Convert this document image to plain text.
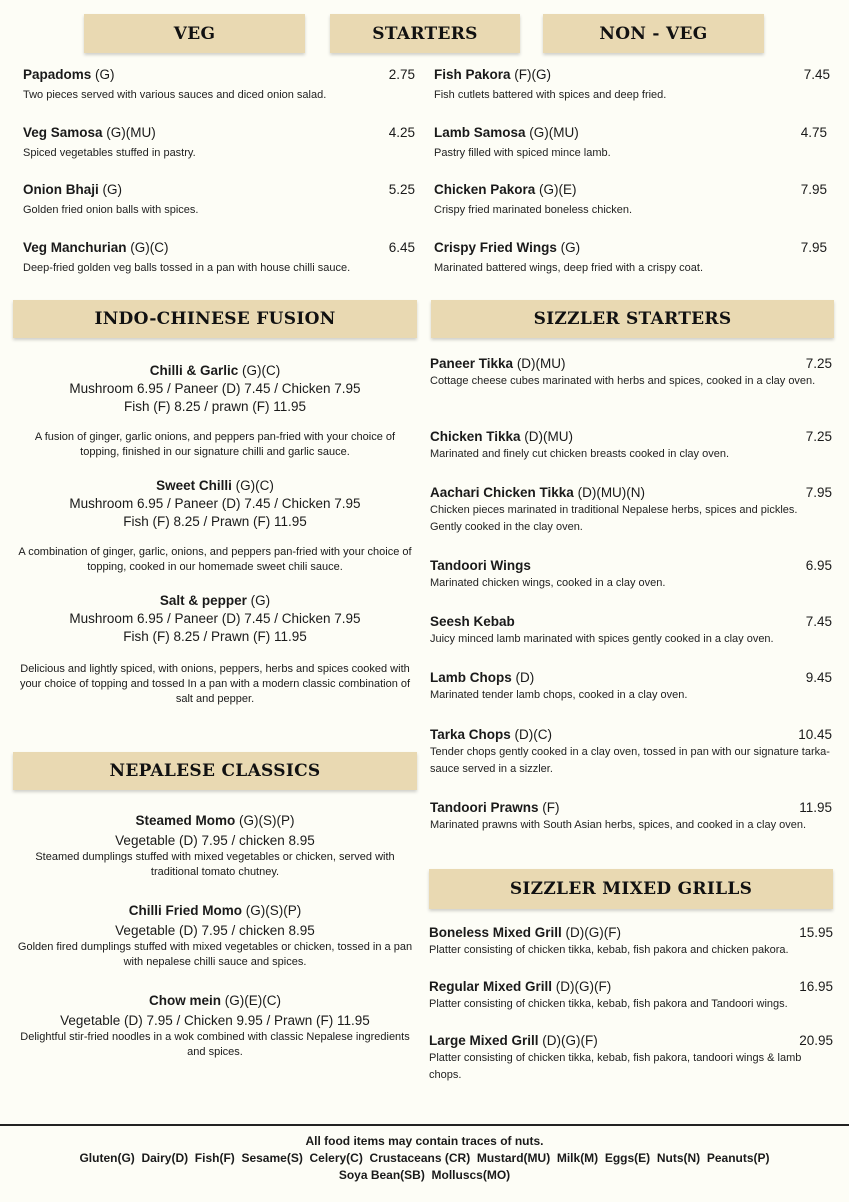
VEG	STARTERS	NON - VEG
INDO-CHINESE FUSION	SIZZLER STARTERS
NEPALESE CLASSICS
SIZZLER MIXED GRILLS
Papadoms (G)	2.75
Two pieces served with various sauces and diced onion salad.
Veg Samosa (G)(MU)	4.25
Spiced vegetables stuffed in pastry.
Onion Bhaji (G)	5.25
Golden fried onion balls with spices.
Veg Manchurian (G)(C)	6.45
Deep-fried golden veg balls tossed in a pan with house chilli sauce.
Fish Pakora (F)(G)	7.45
Fish cutlets battered with spices and deep fried.
Lamb Samosa (G)(MU)	4.75
Pastry filled with spiced mince lamb.
Chicken Pakora (G)(E)	7.95
Crispy fried marinated boneless chicken.
Crispy Fried Wings (G)	7.95
Marinated battered wings, deep fried with a crispy coat.
Chilli & Garlic (G)(C)
Mushroom 6.95 / Paneer (D) 7.45 / Chicken 7.95
Fish (F) 8.25 / prawn (F) 11.95
A fusion of ginger, garlic onions, and peppers pan-fried with your choice of topping, finished in our signature chilli and garlic sauce.
Sweet Chilli (G)(C)
Mushroom 6.95 / Paneer (D) 7.45 / Chicken 7.95
Fish (F) 8.25 / Prawn (F) 11.95
A combination of ginger, garlic, onions, and peppers pan-fried with your choice of topping, cooked in our homemade sweet chili sauce.
Salt & pepper (G)
Mushroom 6.95 / Paneer (D) 7.45 / Chicken 7.95
Fish (F) 8.25 / Prawn (F) 11.95
Delicious and lightly spiced, with onions, peppers, herbs and spices cooked with your choice of topping and tossed In a pan with a modern classic combination of salt and pepper.
Steamed Momo (G)(S)(P)
Vegetable (D) 7.95 / chicken 8.95
Steamed dumplings stuffed with mixed vegetables or chicken, served with traditional tomato chutney.
Chilli Fried Momo (G)(S)(P)
Vegetable (D) 7.95 / chicken 8.95
Golden fired dumplings stuffed with mixed vegetables or chicken, tossed in a pan with nepalese chilli sauce and spices.
Chow mein (G)(E)(C)
Vegetable (D) 7.95 / Chicken 9.95 / Prawn (F) 11.95
Delightful stir-fried noodles in a wok combined with classic Nepalese ingredients and spices.
Paneer Tikka (D)(MU)	7.25
Cottage cheese cubes marinated with herbs and spices, cooked in a clay oven.
Chicken Tikka (D)(MU)	7.25
Marinated and finely cut chicken breasts cooked in clay oven.
Aachari Chicken Tikka (D)(MU)(N)	7.95
Chicken pieces marinated in traditional Nepalese herbs, spices and pickles. Gently cooked in the clay oven.
Tandoori Wings	6.95
Marinated chicken wings, cooked in a clay oven.
Seesh Kebab	7.45
Juicy minced lamb marinated with spices gently cooked in a clay oven.
Lamb Chops (D)	9.45
Marinated tender lamb chops, cooked in a clay oven.
Tarka Chops (D)(C)	10.45
Tender chops gently cooked in a clay oven, tossed in pan with our signature tarka-sauce served in a sizzler.
Tandoori Prawns (F)	11.95
Marinated prawns with South Asian herbs, spices, and cooked in a clay oven.
Boneless Mixed Grill (D)(G)(F)	15.95
Platter consisting of chicken tikka, kebab, fish pakora and chicken pakora.
Regular Mixed Grill (D)(G)(F)	16.95
Platter consisting of chicken tikka, kebab, fish pakora and Tandoori wings.
Large Mixed Grill (D)(G)(F)	20.95
Platter consisting of chicken tikka, kebab, fish pakora, tandoori wings & lamb chops.
All food items may contain traces of nuts.
Gluten(G)  Dairy(D)  Fish(F)  Sesame(S)  Celery(C)  Crustaceans (CR)  Mustard(MU)  Milk(M)  Eggs(E)  Nuts(N)  Peanuts(P)
Soya Bean(SB)  Molluscs(MO)
